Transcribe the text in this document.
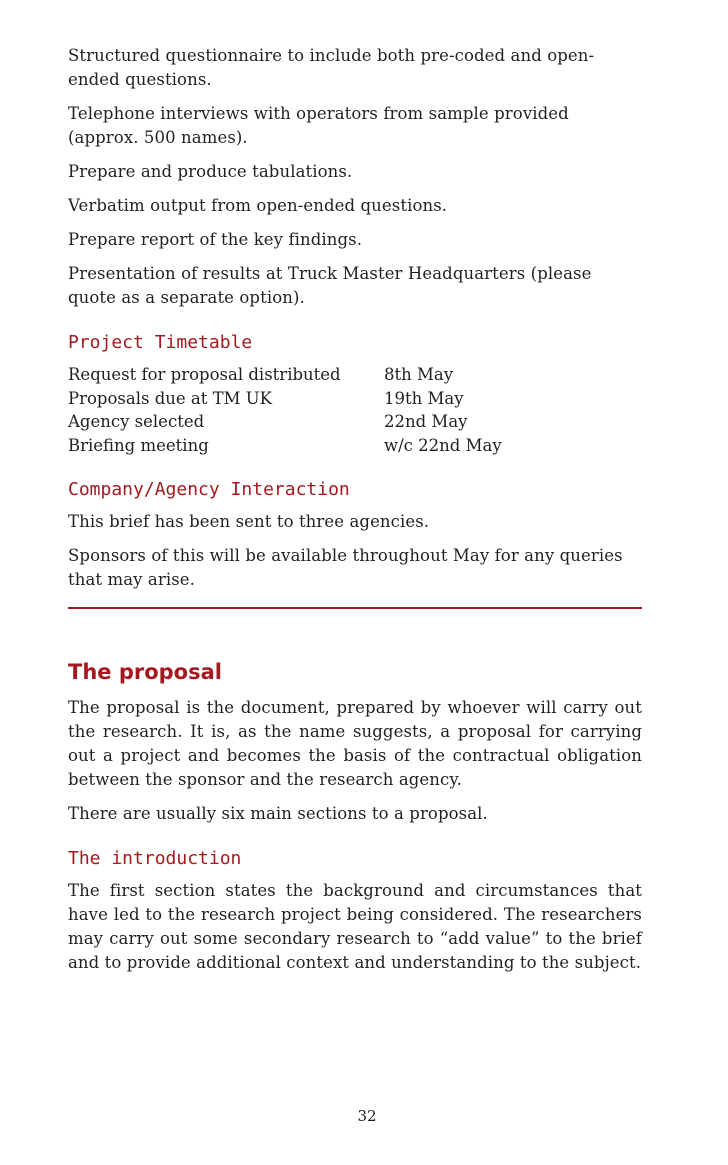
Structured questionnaire to include both pre-coded and open-ended questions.

Telephone interviews with operators from sample provided (approx. 500 names).

Prepare and produce tabulations.

Verbatim output from open-ended questions.

Prepare report of the key findings.

Presentation of results at Truck Master Headquarters (please quote as a separate option).

Project Timetable
Request for proposal distributed	8th May
Proposals due at TM UK	19th May
Agency selected	22nd May
Briefing meeting	w/c 22nd May
Company/Agency Interaction

This brief has been sent to three agencies.

Sponsors of this will be available throughout May for any queries that may arise.

The proposal

The proposal is the document, prepared by whoever will carry out the research. It is, as the name suggests, a proposal for carrying out a project and becomes the basis of the contractual obligation between the sponsor and the research agency.

There are usually six main sections to a proposal.

The introduction

The first section states the background and circumstances that have led to the research project being considered. The researchers may carry out some secondary research to “add value” to the brief and to provide additional context and understanding to the subject.

32
